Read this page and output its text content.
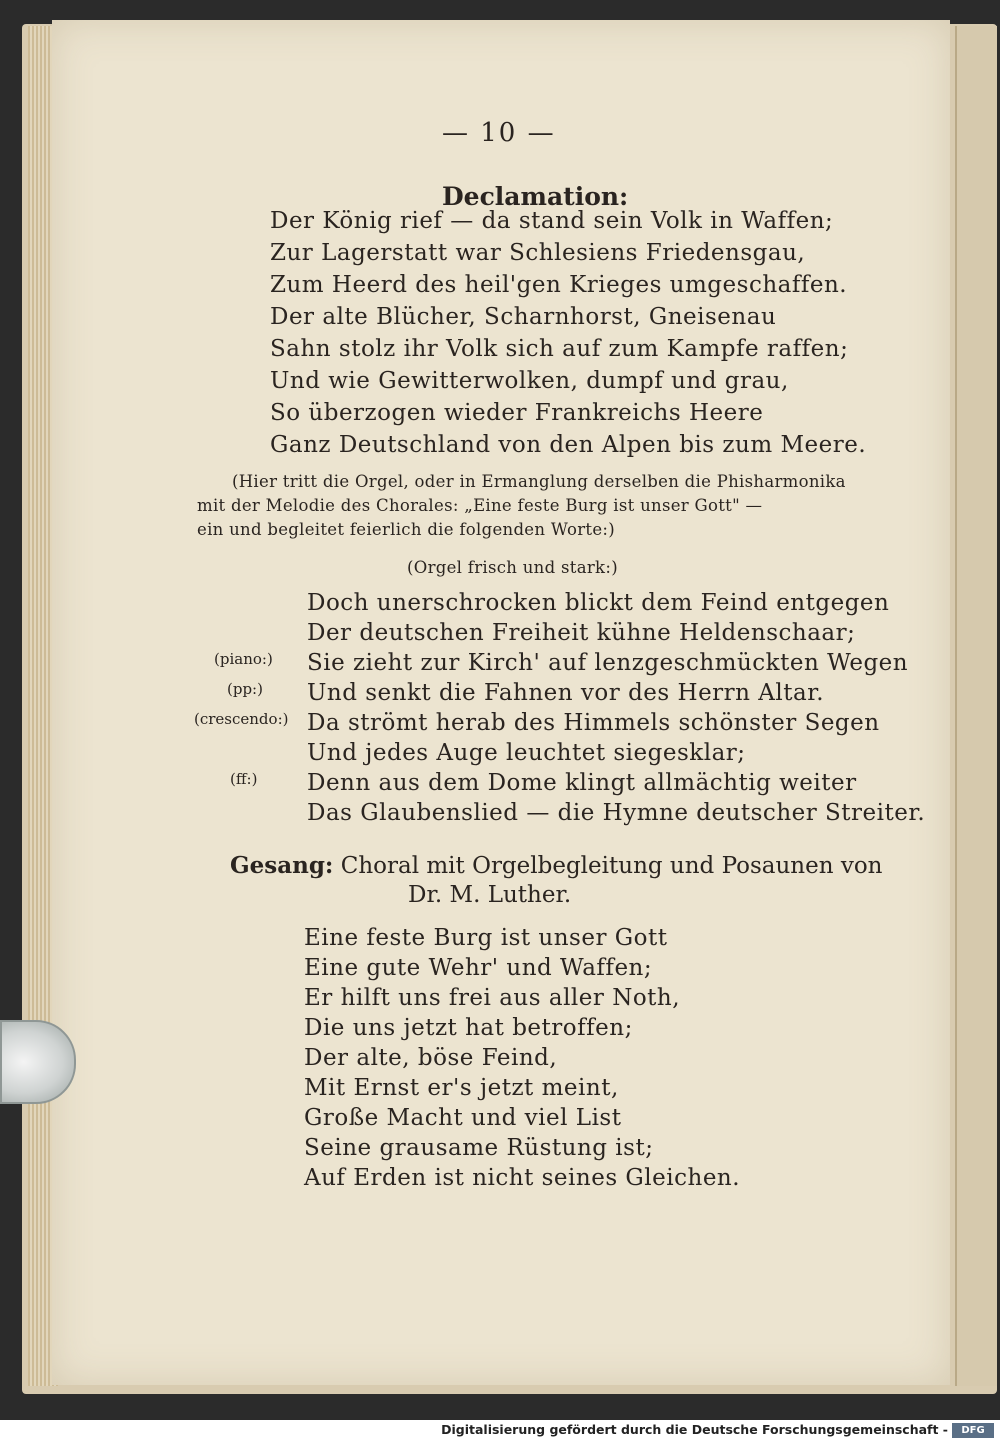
— 10 —
Declamation:
Der König rief — da stand sein Volk in Waffen;
Zur Lagerstatt war Schlesiens Friedensgau,
Zum Heerd des heil'gen Krieges umgeschaffen.
Der alte Blücher, Scharnhorst, Gneisenau
Sahn stolz ihr Volk sich auf zum Kampfe raffen;
Und wie Gewitterwolken, dumpf und grau,
So überzogen wieder Frankreichs Heere
Ganz Deutschland von den Alpen bis zum Meere.
(Hier tritt die Orgel, oder in Ermanglung derselben die Phisharmonika
mit der Melodie des Chorales: „Eine feste Burg ist unser Gott" —
ein und begleitet feierlich die folgenden Worte:)
(Orgel frisch und stark:)
Doch unerschrocken blickt dem Feind entgegen
Der deutschen Freiheit kühne Heldenschaar;
(piano:) Sie zieht zur Kirch' auf lenzgeschmückten Wegen
(pp:) Und senkt die Fahnen vor des Herrn Altar.
(crescendo:) Da strömt herab des Himmels schönster Segen
Und jedes Auge leuchtet siegesklar;
(ff:) Denn aus dem Dome klingt allmächtig weiter
Das Glaubenslied — die Hymne deutscher Streiter.
Gesang: Choral mit Orgelbegleitung und Posaunen von
Dr. M. Luther.
Eine feste Burg ist unser Gott
Eine gute Wehr' und Waffen;
Er hilft uns frei aus aller Noth,
Die uns jetzt hat betroffen;
Der alte, böse Feind,
Mit Ernst er's jetzt meint,
Große Macht und viel List
Seine grausame Rüstung ist;
Auf Erden ist nicht seines Gleichen.
Digitalisierung gefördert durch die Deutsche Forschungsgemeinschaft -	DFG
